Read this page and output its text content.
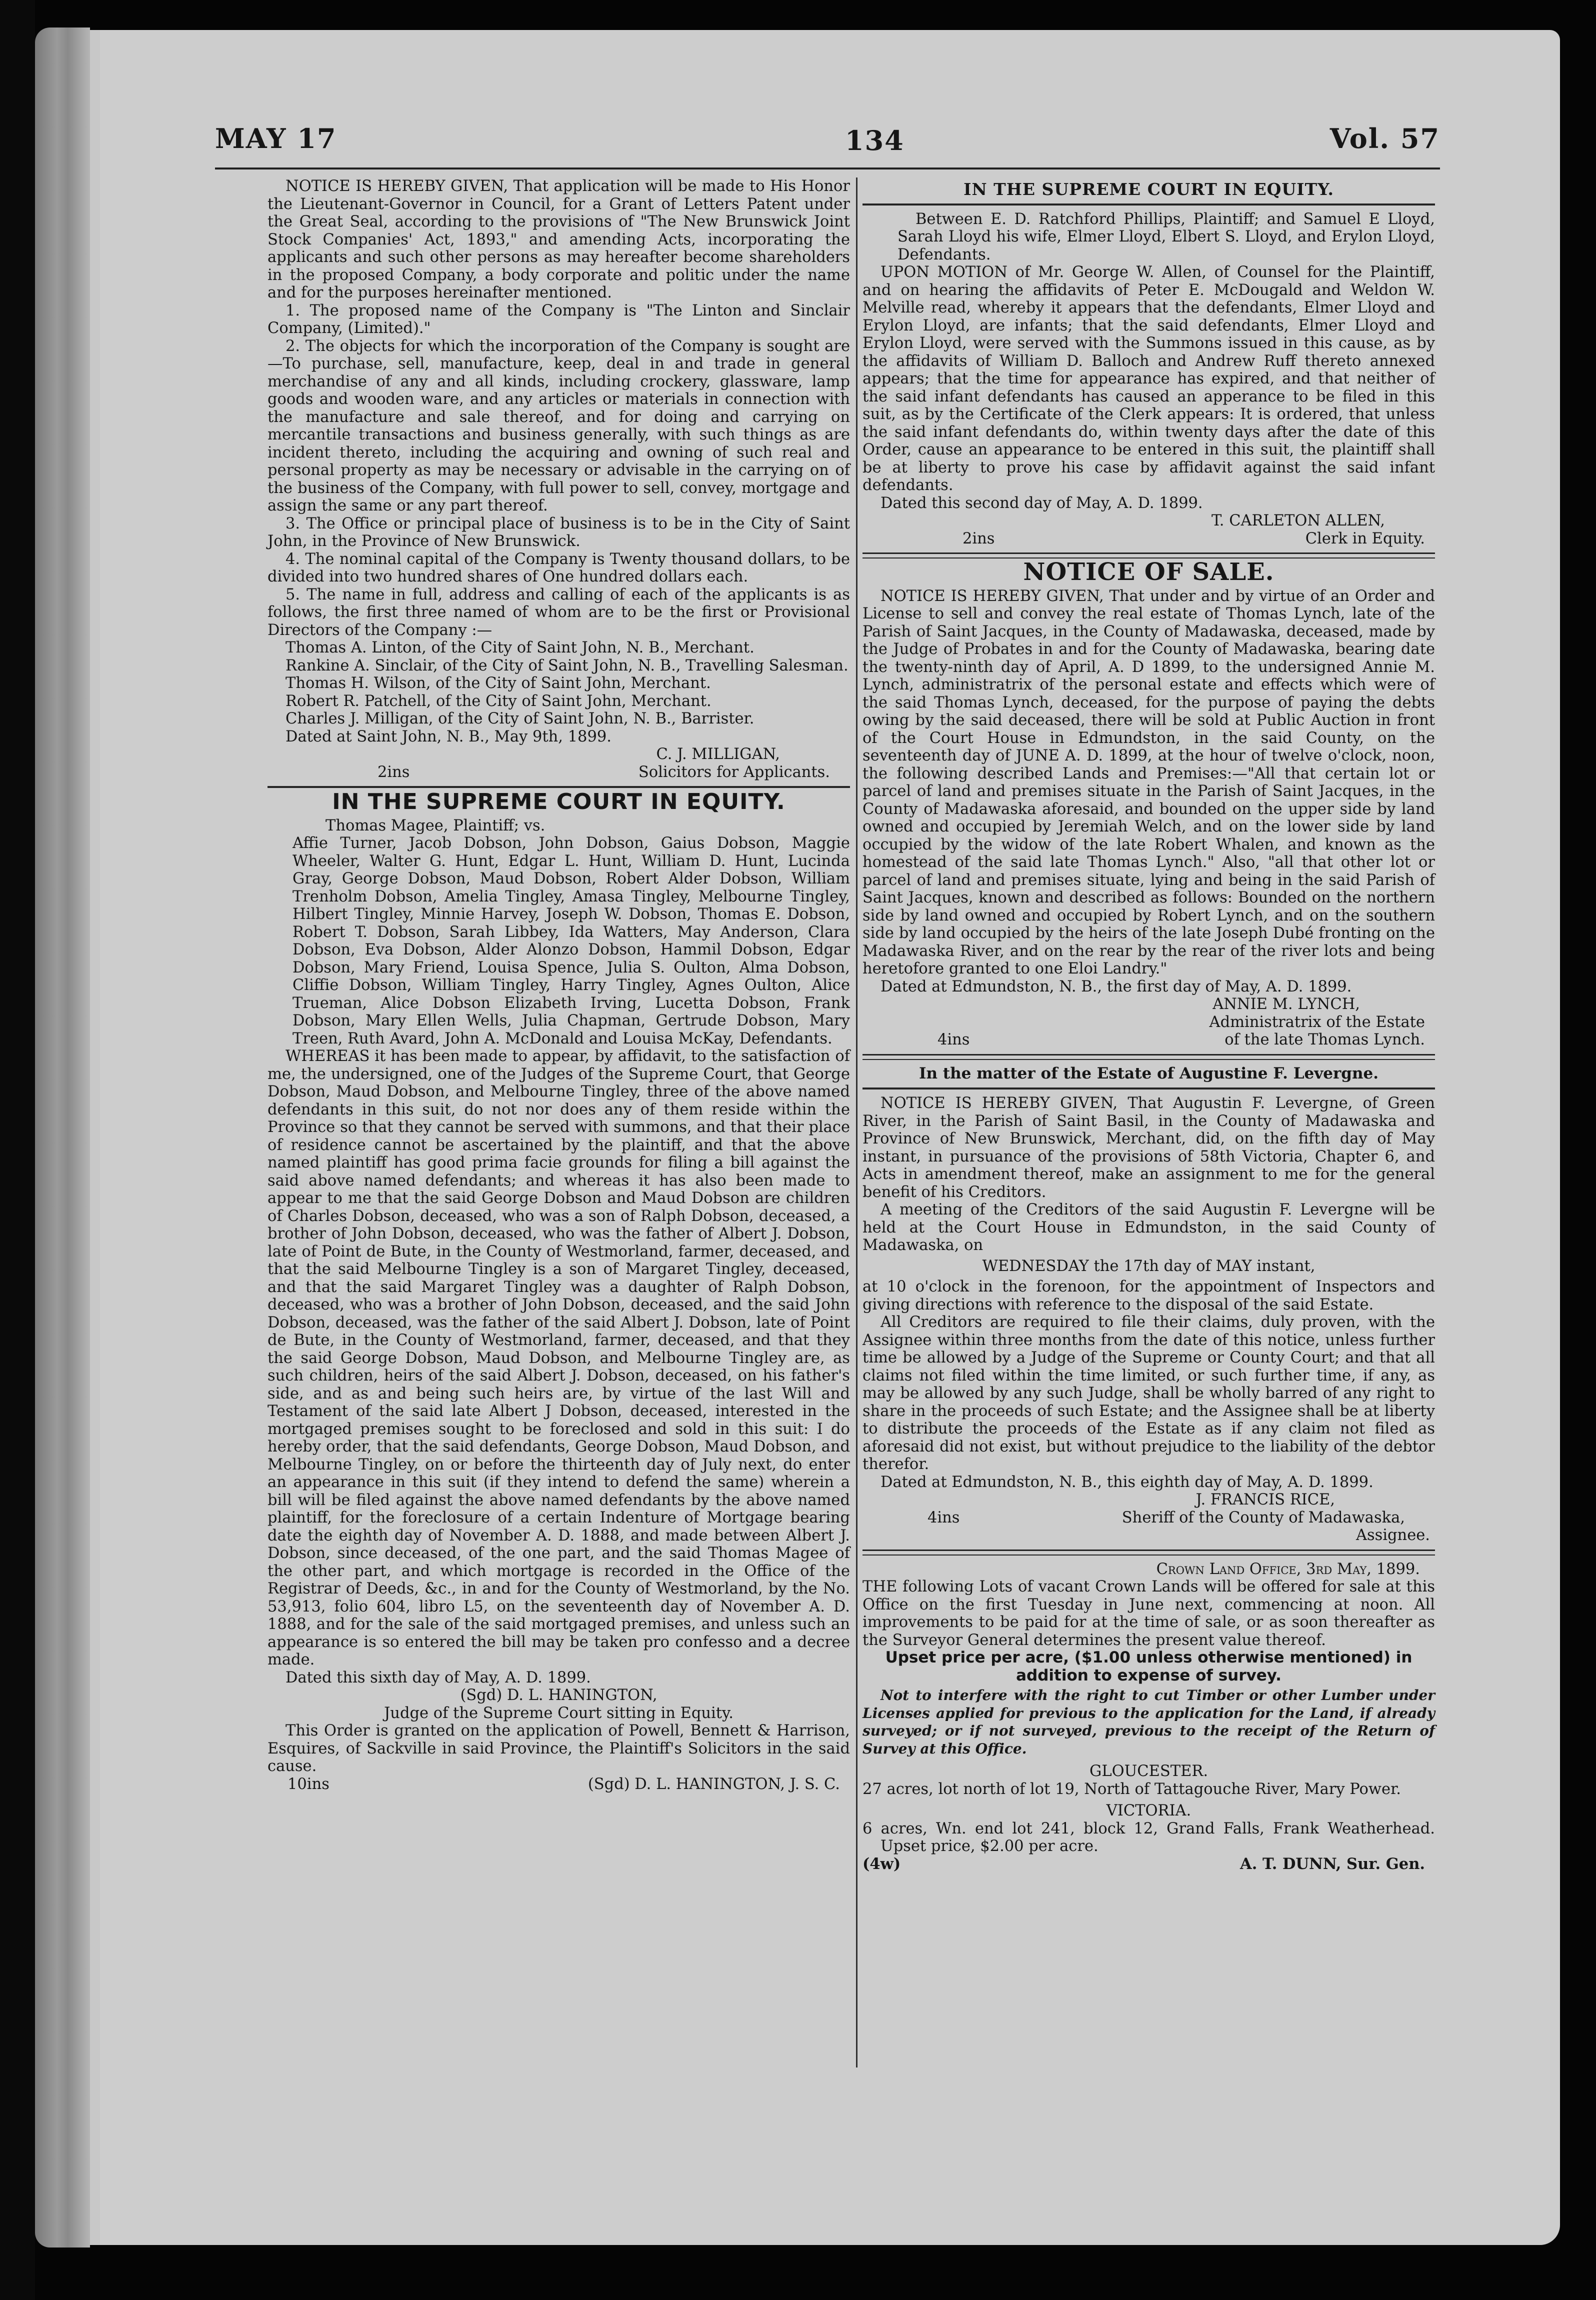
MAY 17	134	Vol. 57

NOTICE IS HEREBY GIVEN, That application will be made to His Honor the Lieutenant-Governor in Council, for a Grant of Letters Patent under the Great Seal, according to the provisions of "The New Brunswick Joint Stock Companies' Act, 1893," and amending Acts, incorporating the applicants and such other persons as may hereafter become shareholders in the proposed Company, a body corporate and politic under the name and for the purposes hereinafter mentioned.

1. The proposed name of the Company is "The Linton and Sinclair Company, (Limited)."

2. The objects for which the incorporation of the Company is sought are—To purchase, sell, manufacture, keep, deal in and trade in general merchandise of any and all kinds, including crockery, glassware, lamp goods and wooden ware, and any articles or materials in connection with the manufacture and sale thereof, and for doing and carrying on mercantile transactions and business generally, with such things as are incident thereto, including the acquiring and owning of such real and personal property as may be necessary or advisable in the carrying on of the business of the Company, with full power to sell, convey, mortgage and assign the same or any part thereof.

3. The Office or principal place of business is to be in the City of Saint John, in the Province of New Brunswick.

4. The nominal capital of the Company is Twenty thousand dollars, to be divided into two hundred shares of One hundred dollars each.

5. The name in full, address and calling of each of the applicants is as follows, the first three named of whom are to be the first or Provisional Directors of the Company :—

Thomas A. Linton, of the City of Saint John, N. B., Merchant.

Rankine A. Sinclair, of the City of Saint John, N. B., Travelling Salesman.

Thomas H. Wilson, of the City of Saint John, Merchant.

Robert R. Patchell, of the City of Saint John, Merchant.

Charles J. Milligan, of the City of Saint John, N. B., Barrister.

Dated at Saint John, N. B., May 9th, 1899.

C. J. MILLIGAN,

2ins	Solicitors for Applicants.
IN THE SUPREME COURT IN EQUITY.

Thomas Magee, Plaintiff; vs.

Affie Turner, Jacob Dobson, John Dobson, Gaius Dobson, Maggie Wheeler, Walter G. Hunt, Edgar L. Hunt, William D. Hunt, Lucinda Gray, George Dobson, Maud Dobson, Robert Alder Dobson, William Trenholm Dobson, Amelia Tingley, Amasa Tingley, Melbourne Tingley, Hilbert Tingley, Minnie Harvey, Joseph W. Dobson, Thomas E. Dobson, Robert T. Dobson, Sarah Libbey, Ida Watters, May Anderson, Clara Dobson, Eva Dobson, Alder Alonzo Dobson, Hammil Dobson, Edgar Dobson, Mary Friend, Louisa Spence, Julia S. Oulton, Alma Dobson, Cliffie Dobson, William Tingley, Harry Tingley, Agnes Oulton, Alice Trueman, Alice Dobson Elizabeth Irving, Lucetta Dobson, Frank Dobson, Mary Ellen Wells, Julia Chapman, Gertrude Dobson, Mary Treen, Ruth Avard, John A. McDonald and Louisa McKay, Defendants.

WHEREAS it has been made to appear, by affidavit, to the satisfaction of me, the undersigned, one of the Judges of the Supreme Court, that George Dobson, Maud Dobson, and Melbourne Tingley, three of the above named defendants in this suit, do not nor does any of them reside within the Province so that they cannot be served with summons, and that their place of residence cannot be ascertained by the plaintiff, and that the above named plaintiff has good prima facie grounds for filing a bill against the said above named defendants; and whereas it has also been made to appear to me that the said George Dobson and Maud Dobson are children of Charles Dobson, deceased, who was a son of Ralph Dobson, deceased, a brother of John Dobson, deceased, who was the father of Albert J. Dobson, late of Point de Bute, in the County of Westmorland, farmer, deceased, and that the said Melbourne Tingley is a son of Margaret Tingley, deceased, and that the said Margaret Tingley was a daughter of Ralph Dobson, deceased, who was a brother of John Dobson, deceased, and the said John Dobson, deceased, was the father of the said Albert J. Dobson, late of Point de Bute, in the County of Westmorland, farmer, deceased, and that they the said George Dobson, Maud Dobson, and Melbourne Tingley are, as such children, heirs of the said Albert J. Dobson, deceased, on his father's side, and as and being such heirs are, by virtue of the last Will and Testament of the said late Albert J Dobson, deceased, interested in the mortgaged premises sought to be foreclosed and sold in this suit: I do hereby order, that the said defendants, George Dobson, Maud Dobson, and Melbourne Tingley, on or before the thirteenth day of July next, do enter an appearance in this suit (if they intend to defend the same) wherein a bill will be filed against the above named defendants by the above named plaintiff, for the foreclosure of a certain Indenture of Mortgage bearing date the eighth day of November A. D. 1888, and made between Albert J. Dobson, since deceased, of the one part, and the said Thomas Magee of the other part, and which mortgage is recorded in the Office of the Registrar of Deeds, &c., in and for the County of Westmorland, by the No. 53,913, folio 604, libro L5, on the seventeenth day of November A. D. 1888, and for the sale of the said mortgaged premises, and unless such an appearance is so entered the bill may be taken pro confesso and a decree made.

Dated this sixth day of May, A. D. 1899.

(Sgd) D. L. HANINGTON,

Judge of the Supreme Court sitting in Equity.

This Order is granted on the application of Powell, Bennett & Harrison, Esquires, of Sackville in said Province, the Plaintiff's Solicitors in the said cause.

10ins	(Sgd) D. L. HANINGTON, J. S. C.
IN THE SUPREME COURT IN EQUITY.

Between E. D. Ratchford Phillips, Plaintiff; and Samuel E Lloyd, Sarah Lloyd his wife, Elmer Lloyd, Elbert S. Lloyd, and Erylon Lloyd, Defendants.

UPON MOTION of Mr. George W. Allen, of Counsel for the Plaintiff, and on hearing the affidavits of Peter E. McDougald and Weldon W. Melville read, whereby it appears that the defendants, Elmer Lloyd and Erylon Lloyd, are infants; that the said defendants, Elmer Lloyd and Erylon Lloyd, were served with the Summons issued in this cause, as by the affidavits of William D. Balloch and Andrew Ruff thereto annexed appears; that the time for appearance has expired, and that neither of the said infant defendants has caused an apperance to be filed in this suit, as by the Certificate of the Clerk appears: It is ordered, that unless the said infant defendants do, within twenty days after the date of this Order, cause an appearance to be entered in this suit, the plaintiff shall be at liberty to prove his case by affidavit against the said infant defendants.

Dated this second day of May, A. D. 1899.

T. CARLETON ALLEN,

2ins	Clerk in Equity.
NOTICE OF SALE.

NOTICE IS HEREBY GIVEN, That under and by virtue of an Order and License to sell and convey the real estate of Thomas Lynch, late of the Parish of Saint Jacques, in the County of Madawaska, deceased, made by the Judge of Probates in and for the County of Madawaska, bearing date the twenty-ninth day of April, A. D 1899, to the undersigned Annie M. Lynch, administratrix of the personal estate and effects which were of the said Thomas Lynch, deceased, for the purpose of paying the debts owing by the said deceased, there will be sold at Public Auction in front of the Court House in Edmundston, in the said County, on the seventeenth day of JUNE A. D. 1899, at the hour of twelve o'clock, noon, the following described Lands and Premises:—"All that certain lot or parcel of land and premises situate in the Parish of Saint Jacques, in the County of Madawaska aforesaid, and bounded on the upper side by land owned and occupied by Jeremiah Welch, and on the lower side by land occupied by the widow of the late Robert Whalen, and known as the homestead of the said late Thomas Lynch." Also, "all that other lot or parcel of land and premises situate, lying and being in the said Parish of Saint Jacques, known and described as follows: Bounded on the northern side by land owned and occupied by Robert Lynch, and on the southern side by land occupied by the heirs of the late Joseph Dubé fronting on the Madawaska River, and on the rear by the rear of the river lots and being heretofore granted to one Eloi Landry."

Dated at Edmundston, N. B., the first day of May, A. D. 1899.

ANNIE M. LYNCH,

Administratrix of the Estate

4ins	of the late Thomas Lynch.

In the matter of the Estate of Augustine F. Levergne.

NOTICE IS HEREBY GIVEN, That Augustin F. Levergne, of Green River, in the Parish of Saint Basil, in the County of Madawaska and Province of New Brunswick, Merchant, did, on the fifth day of May instant, in pursuance of the provisions of 58th Victoria, Chapter 6, and Acts in amendment thereof, make an assignment to me for the general benefit of his Creditors.

A meeting of the Creditors of the said Augustin F. Levergne will be held at the Court House in Edmundston, in the said County of Madawaska, on

WEDNESDAY the 17th day of MAY instant,

at 10 o'clock in the forenoon, for the appointment of Inspectors and giving directions with reference to the disposal of the said Estate.

All Creditors are required to file their claims, duly proven, with the Assignee within three months from the date of this notice, unless further time be allowed by a Judge of the Supreme or County Court; and that all claims not filed within the time limited, or such further time, if any, as may be allowed by any such Judge, shall be wholly barred of any right to share in the proceeds of such Estate; and the Assignee shall be at liberty to distribute the proceeds of the Estate as if any claim not filed as aforesaid did not exist, but without prejudice to the liability of the debtor therefor.

Dated at Edmundston, N. B., this eighth day of May, A. D. 1899.

J. FRANCIS RICE,

4ins	Sheriff of the County of Madawaska,

Assignee.

Crown Land Office, 3rd May, 1899.

THE following Lots of vacant Crown Lands will be offered for sale at this Office on the first Tuesday in June next, commencing at noon. All improvements to be paid for at the time of sale, or as soon thereafter as the Surveyor General determines the present value thereof.

Upset price per acre, ($1.00 unless otherwise mentioned) in addition to expense of survey.

Not to interfere with the right to cut Timber or other Lumber under Licenses applied for previous to the application for the Land, if already surveyed; or if not surveyed, previous to the receipt of the Return of Survey at this Office.

GLOUCESTER.

27 acres, lot north of lot 19, North of Tattagouche River, Mary Power.

VICTORIA.

6 acres, Wn. end lot 241, block 12, Grand Falls, Frank Weatherhead. Upset price, $2.00 per acre.

(4w)	A. T. DUNN, Sur. Gen.
